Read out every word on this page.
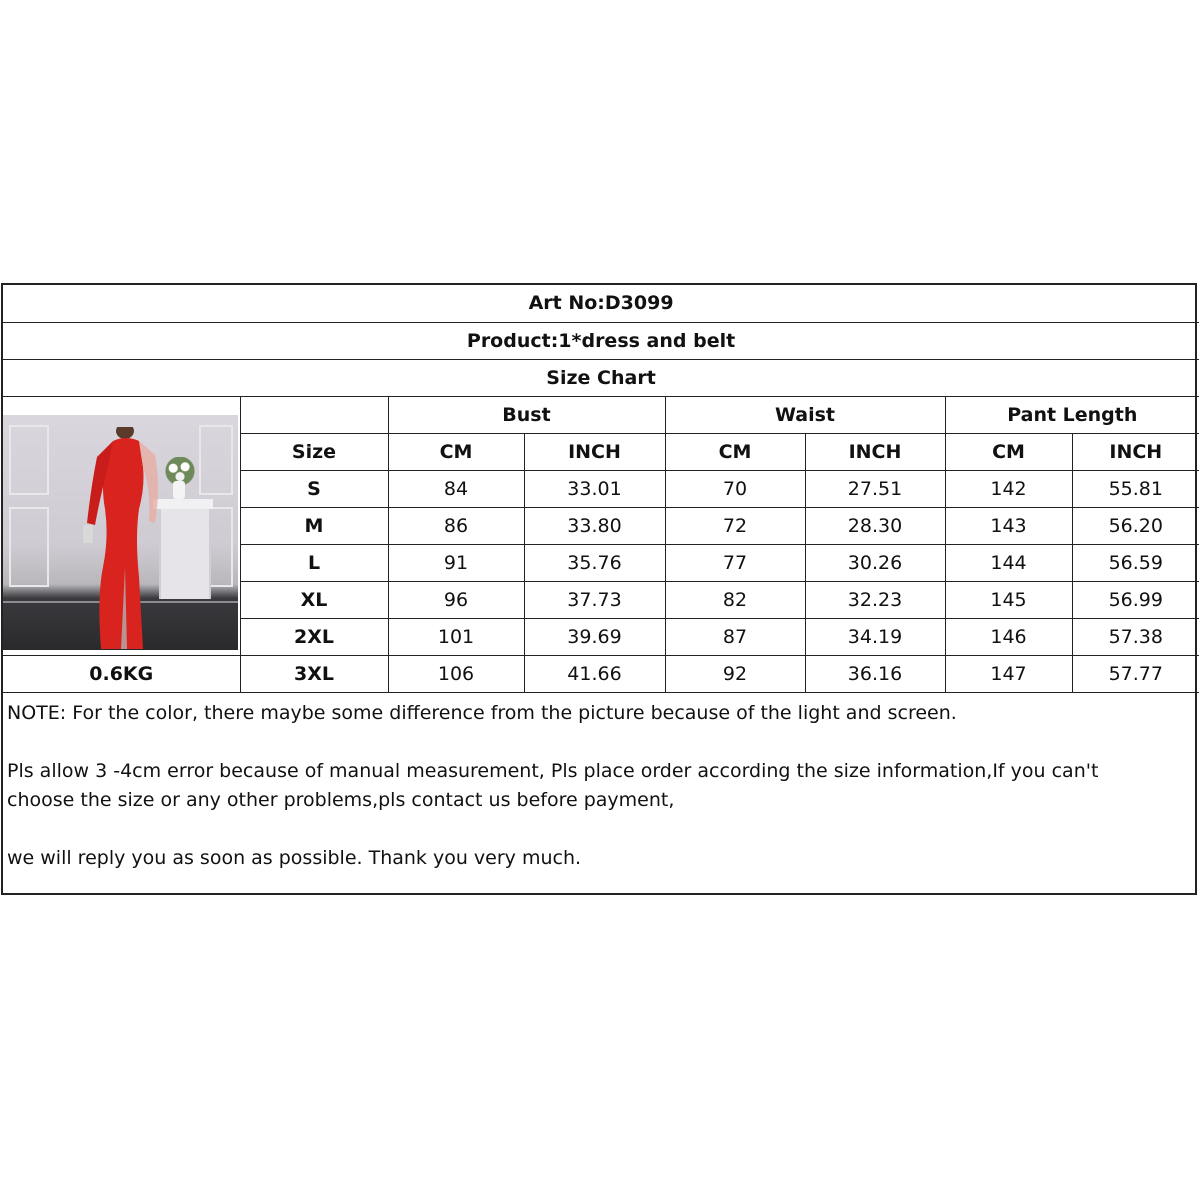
Art No:D3099							
Product:1*dress and belt							
Size Chart							

		Bust		Waist		Pant Length	
	Size	CM	INCH	CM	INCH	CM	INCH
	S	84	33.01	70	27.51	142	55.81
	M	86	33.80	72	28.30	143	56.20
	L	91	35.76	77	30.26	144	56.59
	XL	96	37.73	82	32.23	145	56.99
	2XL	101	39.69	87	34.19	146	57.38
0.6KG	3XL	106	41.66	92	36.16	147	57.77

NOTE: For the color, there maybe some difference from the picture because of the light and screen.

Pls allow 3 -4cm error because of manual measurement, Pls place order according the size information,If you can't

choose the size or any other problems,pls contact us before payment,

we will reply you as soon as possible. Thank you very much.
